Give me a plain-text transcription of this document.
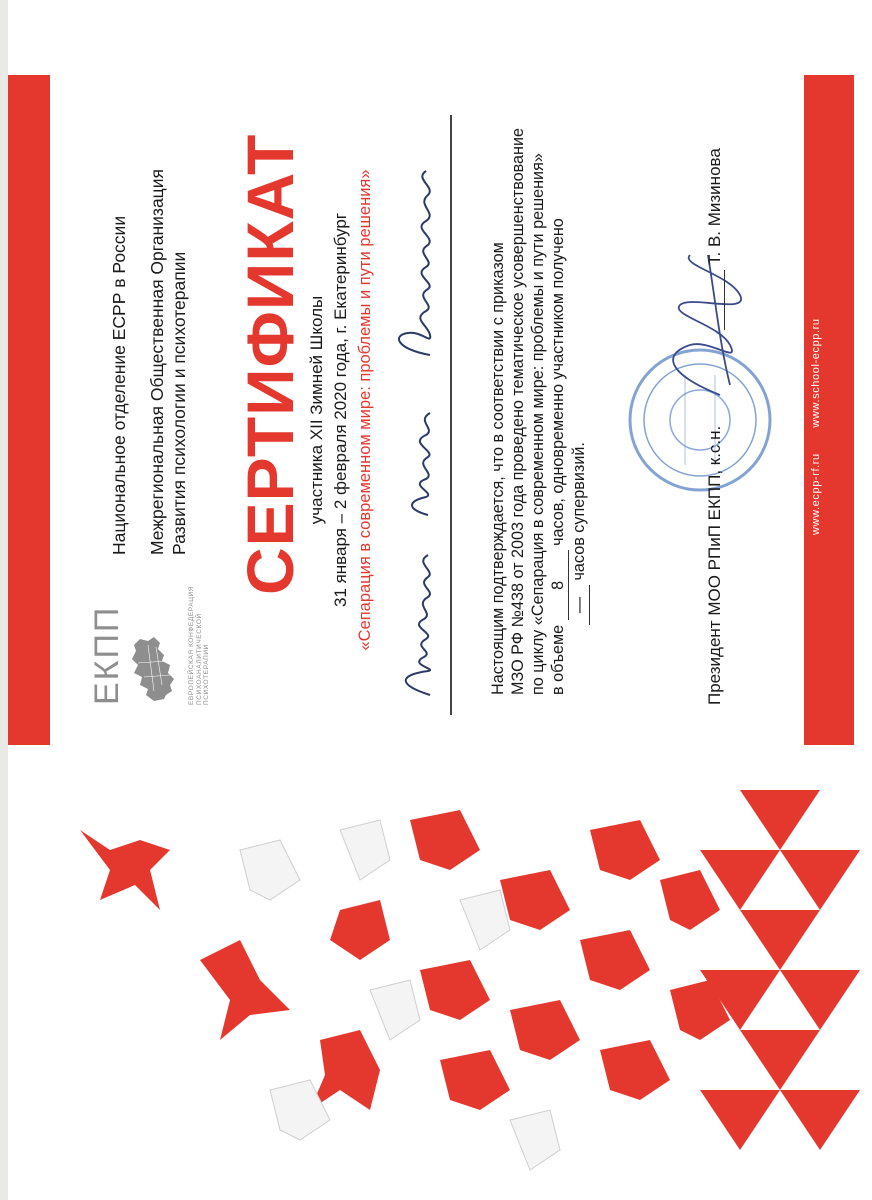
ЕКПП	ЕВРОПЕЙСКАЯ КОНФЕДЕРАЦИЯ ПСИХОАНАЛИТИЧЕСКОЙ ПСИХОТЕРАПИИ
Национальное отделение ЕСРР в России Межрегиональная Общественная Организация Развития психологии и психотерапии СЕРТИФИКАТ участника XII Зимней Школы 31 января – 2 февраля 2020 года, г. Екатеринбург «Сепарация в современном мире: проблемы и пути решения»	Настоящим подтверждается, что в соответствии с приказом МЗО РФ №438 от 2003 года проведено тематическое усовершенствование по циклу «Сепарация в современном мире: проблемы и пути решения» в объеме 8 часов, одновременно участником получено
— часов супервизий.	Президент МОО РПиП ЕКПП, к.с.н.
Т. В. Мизинова
www.ecpp-rf.ru www.school-ecpp.ru
